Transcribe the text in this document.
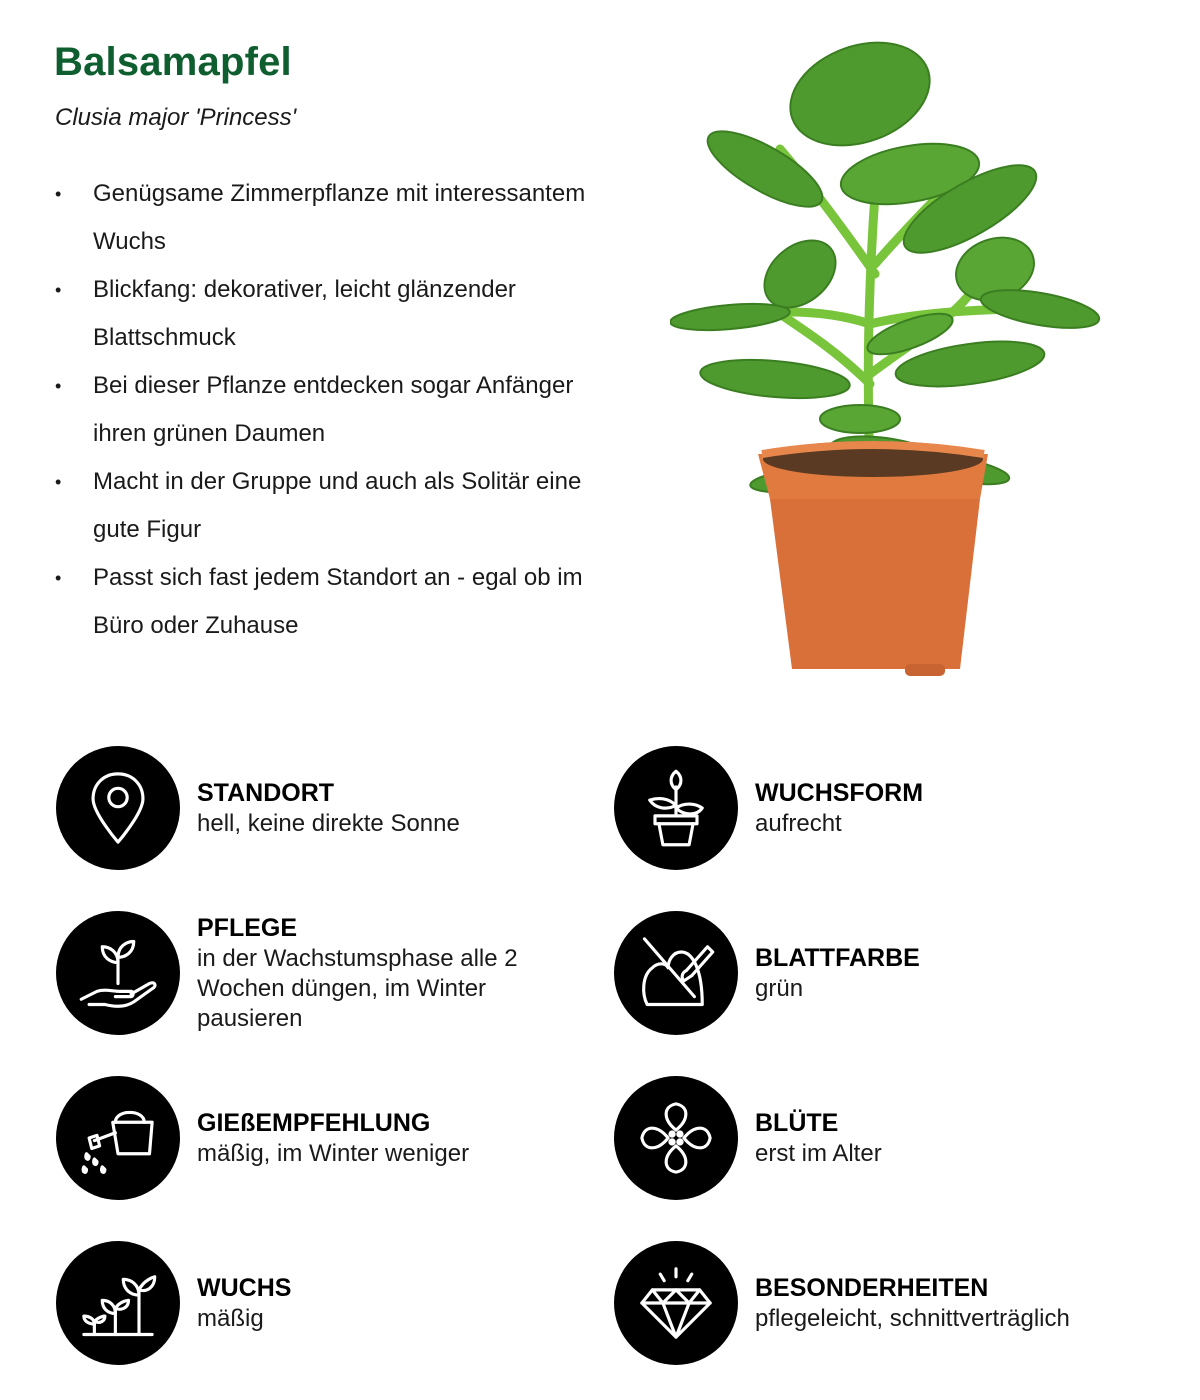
Balsamapfel
Clusia major 'Princess'
• Genügsame Zimmerpflanze mit interessantem Wuchs
• Blickfang: dekorativer, leicht glänzender Blattschmuck
• Bei dieser Pflanze entdecken sogar Anfänger ihren grünen Daumen
• Macht in der Gruppe und auch als Solitär eine gute Figur
• Passt sich fast jedem Standort an - egal ob im Büro oder Zuhause
STANDORT
hell, keine direkte Sonne
WUCHSFORM
aufrecht
PFLEGE
in der Wachstumsphase alle 2 Wochen düngen, im Winter pausieren
BLATTFARBE
grün
GIEßEMPFEHLUNG
mäßig, im Winter weniger
BLÜTE
erst im Alter
WUCHS
mäßig
BESONDERHEITEN
pflegeleicht, schnittverträglich
